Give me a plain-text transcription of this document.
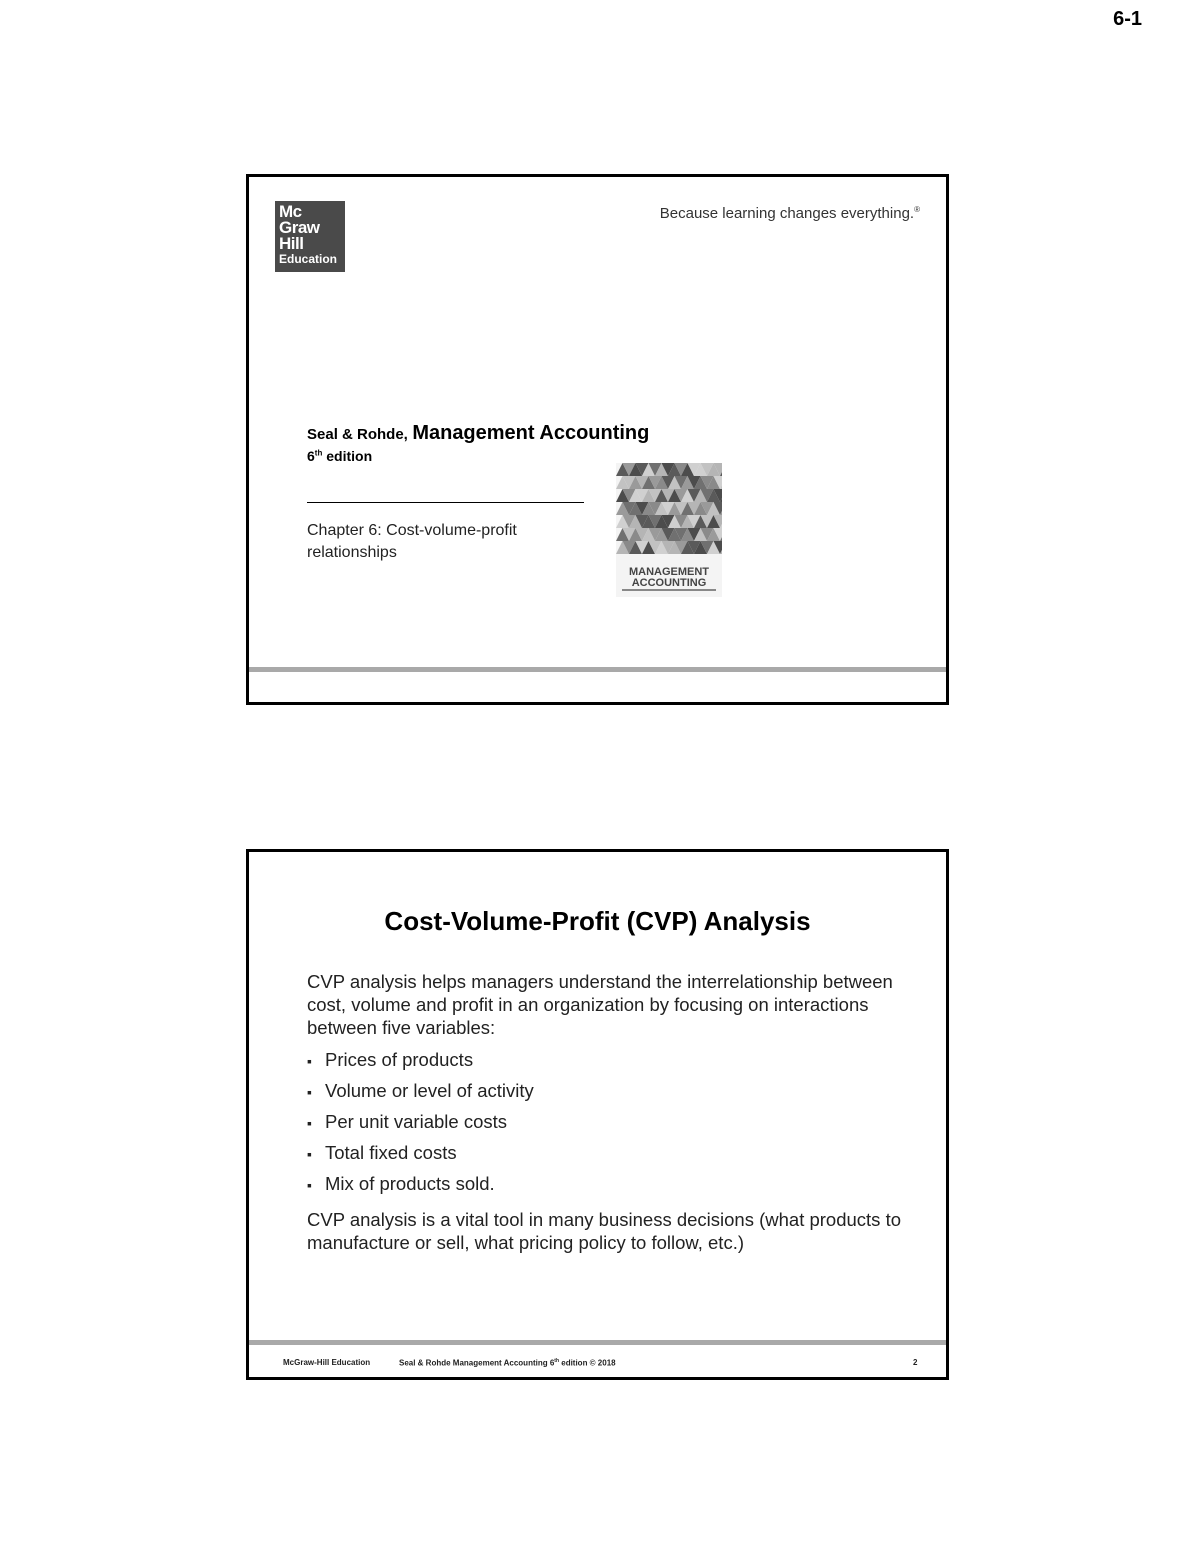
6-1
Mc
Graw
Hill
Education
Because learning changes everything.®
Seal & Rohde, Management Accounting
6th edition
Chapter 6: Cost-volume-profit relationships
MANAGEMENT
ACCOUNTING
Cost-Volume-Profit (CVP) Analysis
CVP analysis helps managers understand the interrelationship between cost, volume and profit in an organization by focusing on interactions between five variables:
▪ Prices of products
▪ Volume or level of activity
▪ Per unit variable costs
▪ Total fixed costs
▪ Mix of products sold.
CVP analysis is a vital tool in many business decisions (what products to manufacture or sell, what pricing policy to follow, etc.)
McGraw-Hill Education	Seal & Rohde Management Accounting 6th edition © 2018	2
